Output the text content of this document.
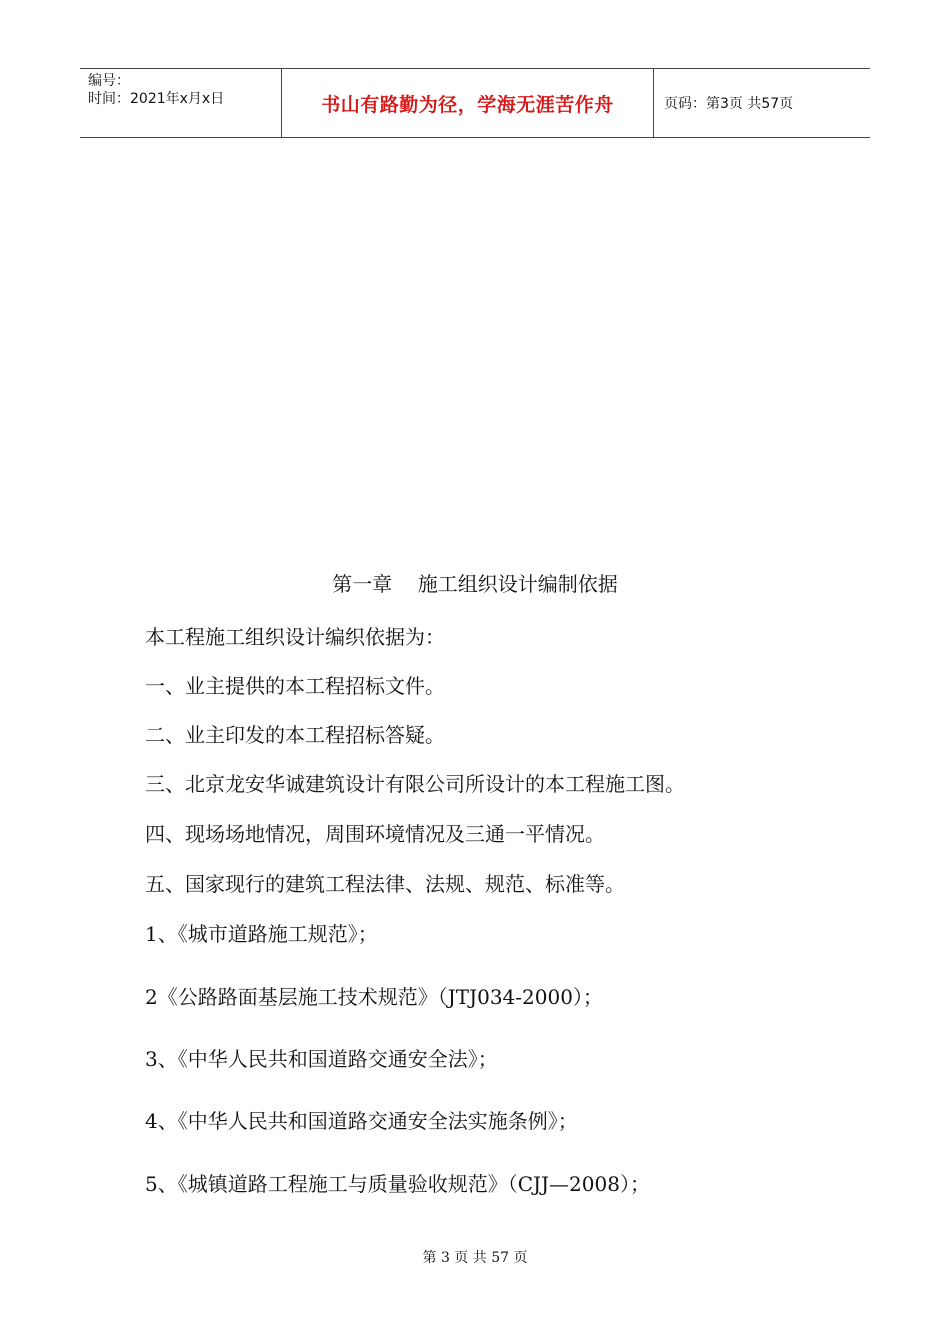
编号：
时间：2021年x月x日	书山有路勤为径，学海无涯苦作舟	页码：第3页 共57页
第一章    施工组织设计编制依据
本工程施工组织设计编织依据为：
一、业主提供的本工程招标文件。
二、业主印发的本工程招标答疑。
三、北京龙安华诚建筑设计有限公司所设计的本工程施工图。
四、现场场地情况，周围环境情况及三通一平情况。
五、国家现行的建筑工程法律、法规、规范、标准等。
1、《城市道路施工规范》；
2《公路路面基层施工技术规范》（JTJ034-2000）；
3、《中华人民共和国道路交通安全法》；
4、《中华人民共和国道路交通安全法实施条例》；
5、《城镇道路工程施工与质量验收规范》（CJJ—2008）；
第 3 页 共 57 页
